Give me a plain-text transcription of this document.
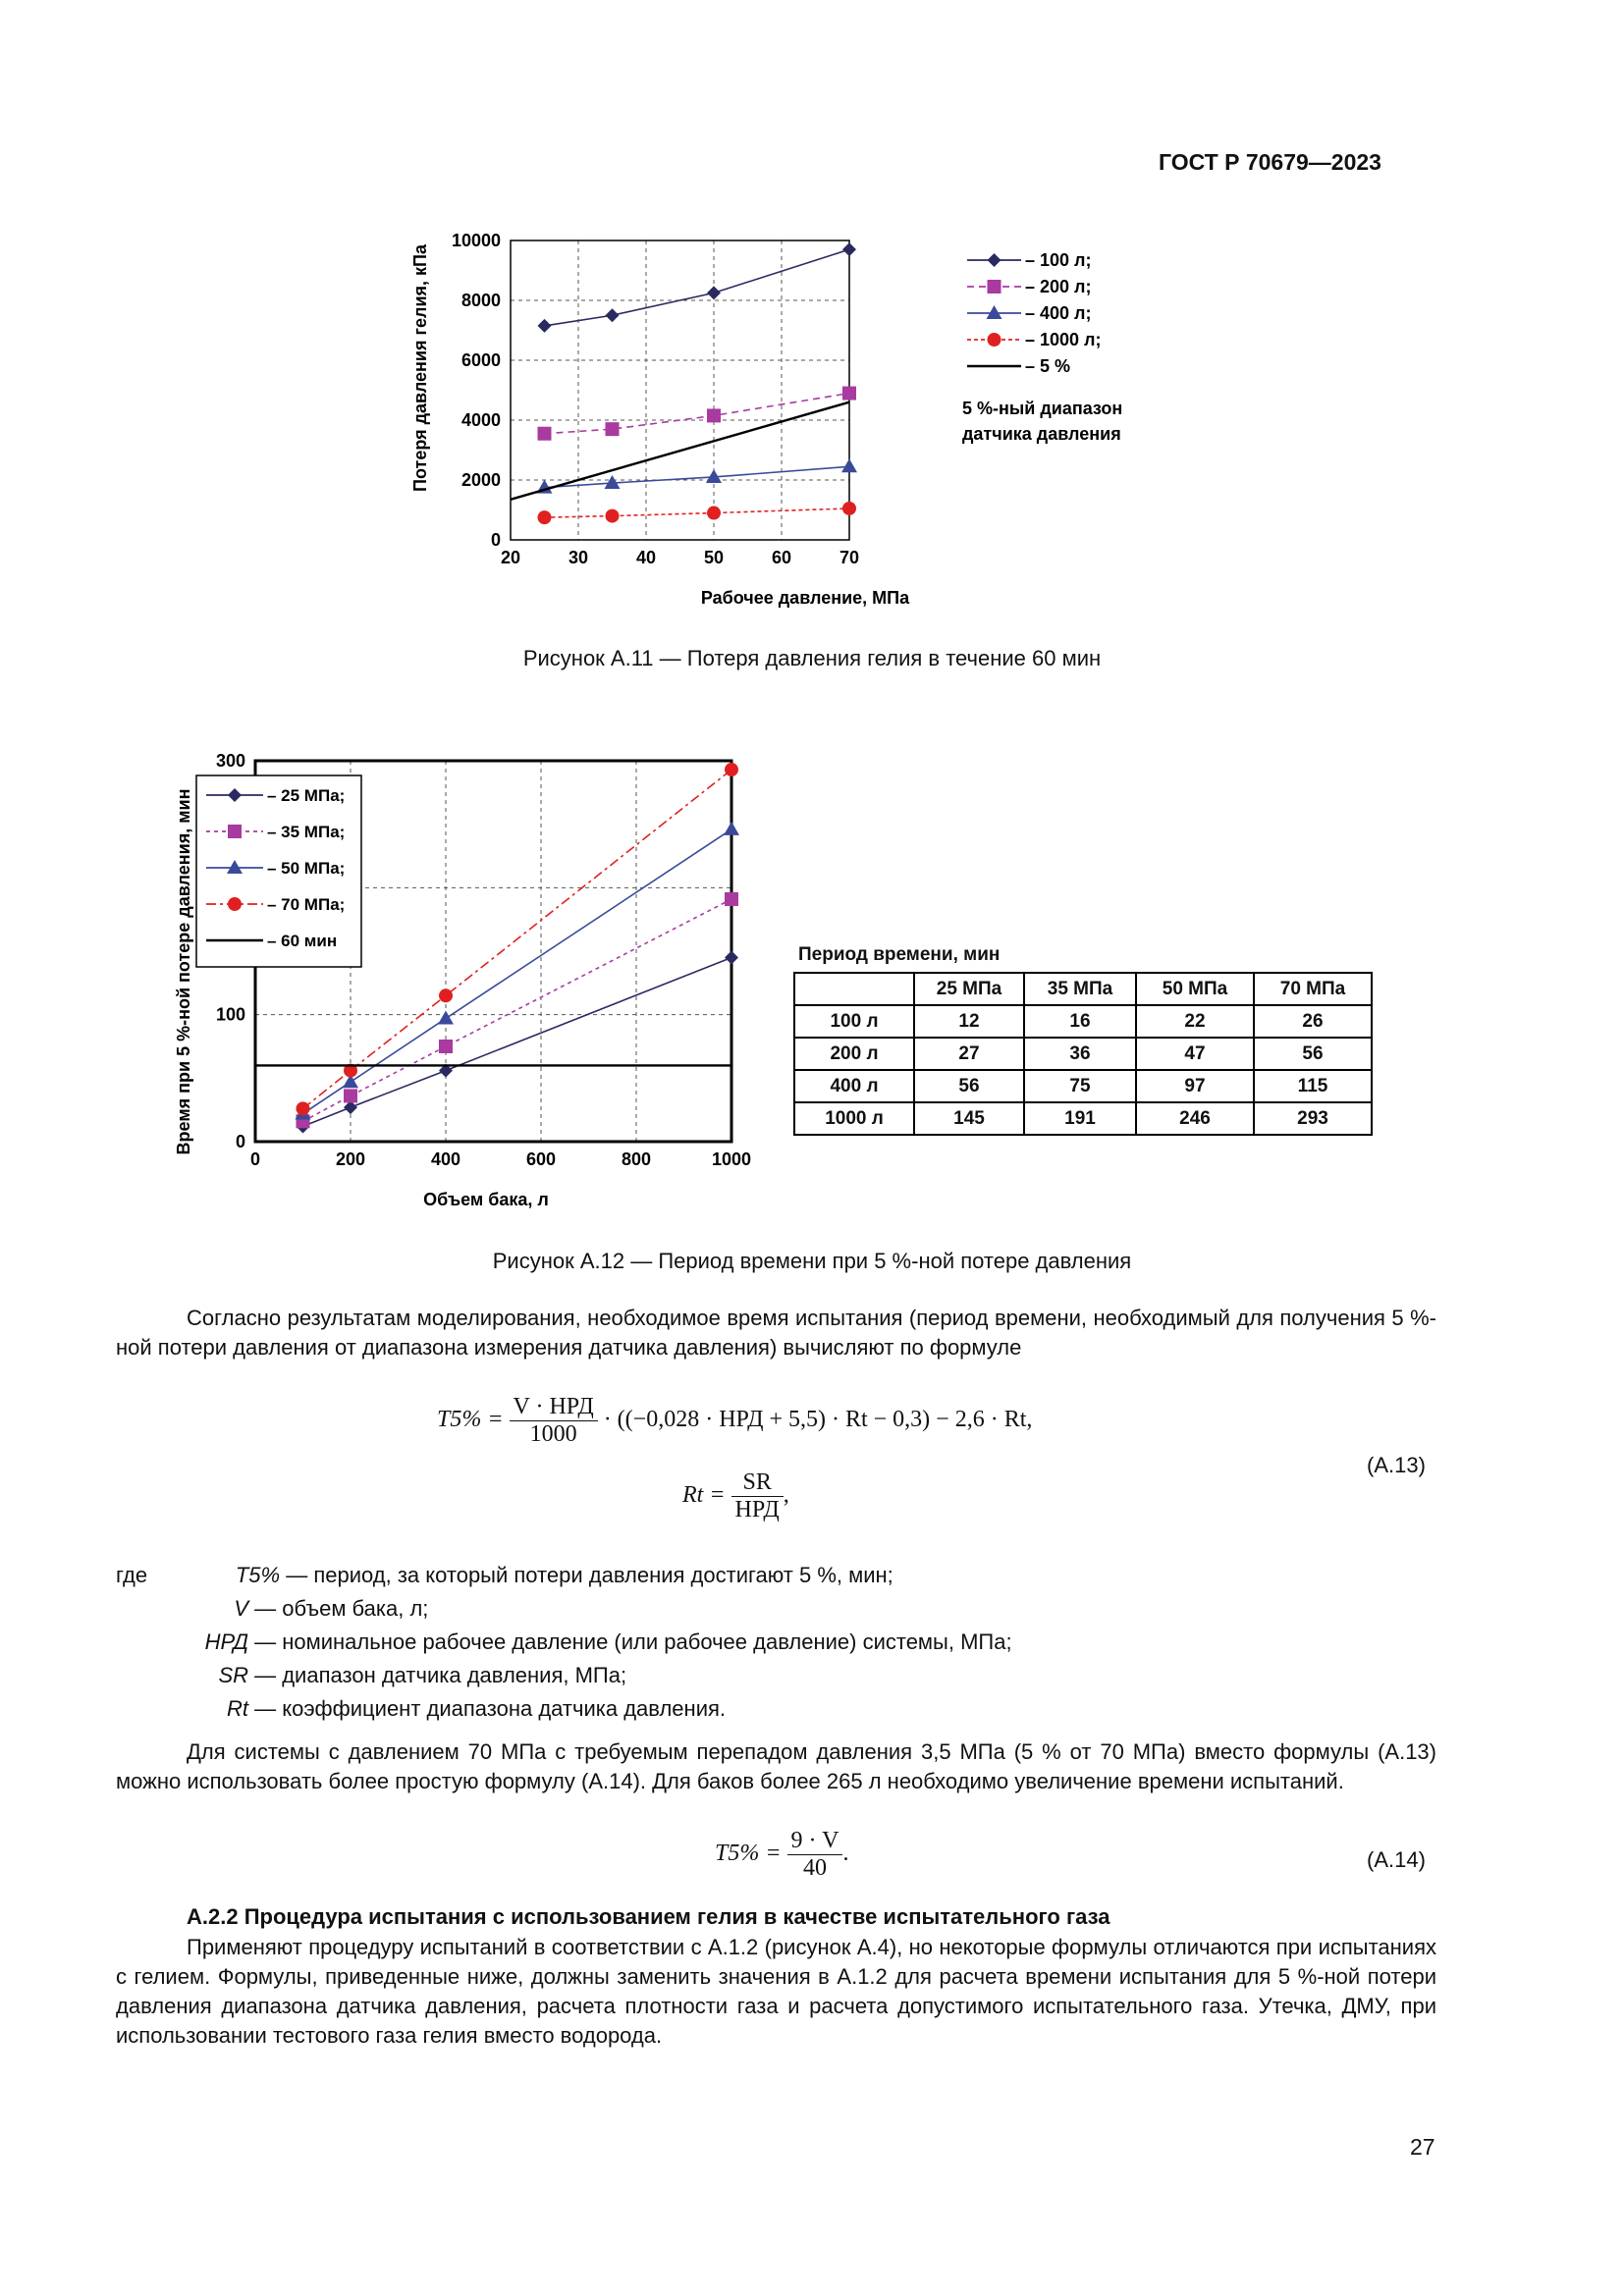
ГОСТ Р 70679—2023
20	30	40	50	60	70
0
2000
4000
6000
8000
10000
– 100 л;
– 200 л;
– 400 л;
– 1000 л;
– 5 %
Потеря давления гелия, кПа
Рабочее давление, МПа
5 %-ный диапазон
датчика давления
Рисунок А.11 — Потеря давления гелия в течение 60 мин
0	200	400	600	800	1000
0
100
300
– 25 МПа;
– 35 МПа;
– 50 МПа;
– 70 МПа;
– 60 мин
Время при 5 %-ной потере давления, мин
Объем бака, л
Период времени, мин
	25 МПа	35 МПа	50 МПа	70 МПа
100 л	12	16	22	26
200 л	27	36	47	56
400 л	56	75	97	115
1000 л	145	191	246	293
Рисунок А.12 — Период времени при 5 %-ной потере давления

Согласно результатам моделирования, необходимое время испытания (период времени, необходимый для получения 5 %-ной потери давления от диапазона измерения датчика давления) вычисляют по формуле

$T5\% = \frac{\text{V · НРД}}{1000} \cdot ((-0,028$ · НРД + 5,5) · Rt − 0,3) − 2,6 · Rt,
$Rt = \frac{SR}{\text{НРД}}$ ,
(А.13)
где	T5% — период, за который потери давления достигают 5 %, мин;
V — объем бака, л;
НРД — номинальное рабочее давление (или рабочее давление) системы, МПа;
SR — диапазон датчика давления, МПа;
Rt — коэффициент диапазона датчика давления.

Для системы с давлением 70 МПа с требуемым перепадом давления 3,5 МПа (5 % от 70 МПа) вместо формулы (А.13) можно использовать более простую формулу (А.14). Для баков более 265 л необходимо увеличение времени испытаний.

$T5\% = \frac{9 \cdot V}{40}$ .	(А.14)
А.2.2 Процедура испытания с использованием гелия в качестве испытательного газа

Применяют процедуру испытаний в соответствии с А.1.2 (рисунок А.4), но некоторые формулы отличаются при испытаниях с гелием. Формулы, приведенные ниже, должны заменить значения в А.1.2 для расчета времени испытания для 5 %-ной потери давления диапазона датчика давления, расчета плотности газа и расчета допустимого испытательного газа. Утечка, ДМУ, при использовании тестового газа гелия вместо водорода.

27
